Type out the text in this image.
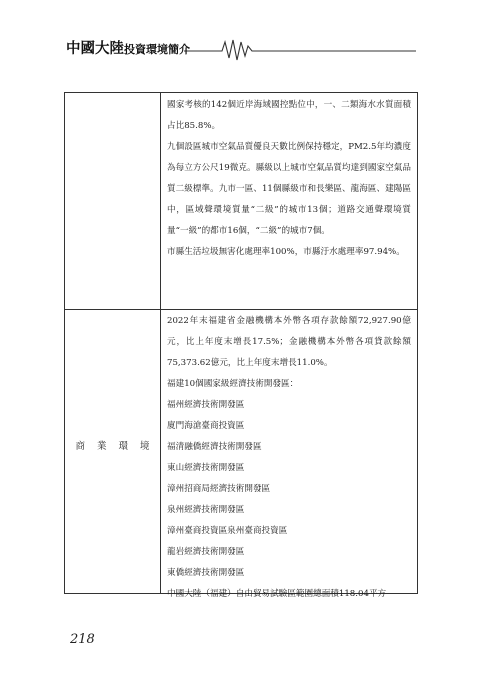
中國大陸投資環境簡介

國家考核的142個近岸海域國控點位中，一、二類海水水質面積占比85.8%。

九個設區城市空氣品質優良天數比例保持穩定，PM2.5年均濃度為每立方公尺19微克。縣級以上城市空氣品質均達到國家空氣品質二級標準。九市一區、11個縣級市和長樂區、龍海區、建陽區中，區域聲環境質量“二級”的城市13個；道路交通聲環境質量“一級”的都市16個，“二級”的城市7個。

市縣生活垃圾無害化處理率100%，市縣汙水處理率97.94%。

商 業 環 境

2022年末福建省金融機構本外幣各項存款餘額72,927.90億元，比上年度末增長17.5%；金融機構本外幣各項貸款餘額75,373.62億元，比上年度末增長11.0%。

福建10個國家級經濟技術開發區：

福州經濟技術開發區

廈門海滄臺商投資區

福清融僑經濟技術開發區

東山經濟技術開發區

漳州招商局經濟技術開發區

泉州經濟技術開發區

漳州臺商投資區泉州臺商投資區

龍岩經濟技術開發區

東僑經濟技術開發區

中國大陸（福建）自由貿易試驗區範圍總面積118.04平方

218
